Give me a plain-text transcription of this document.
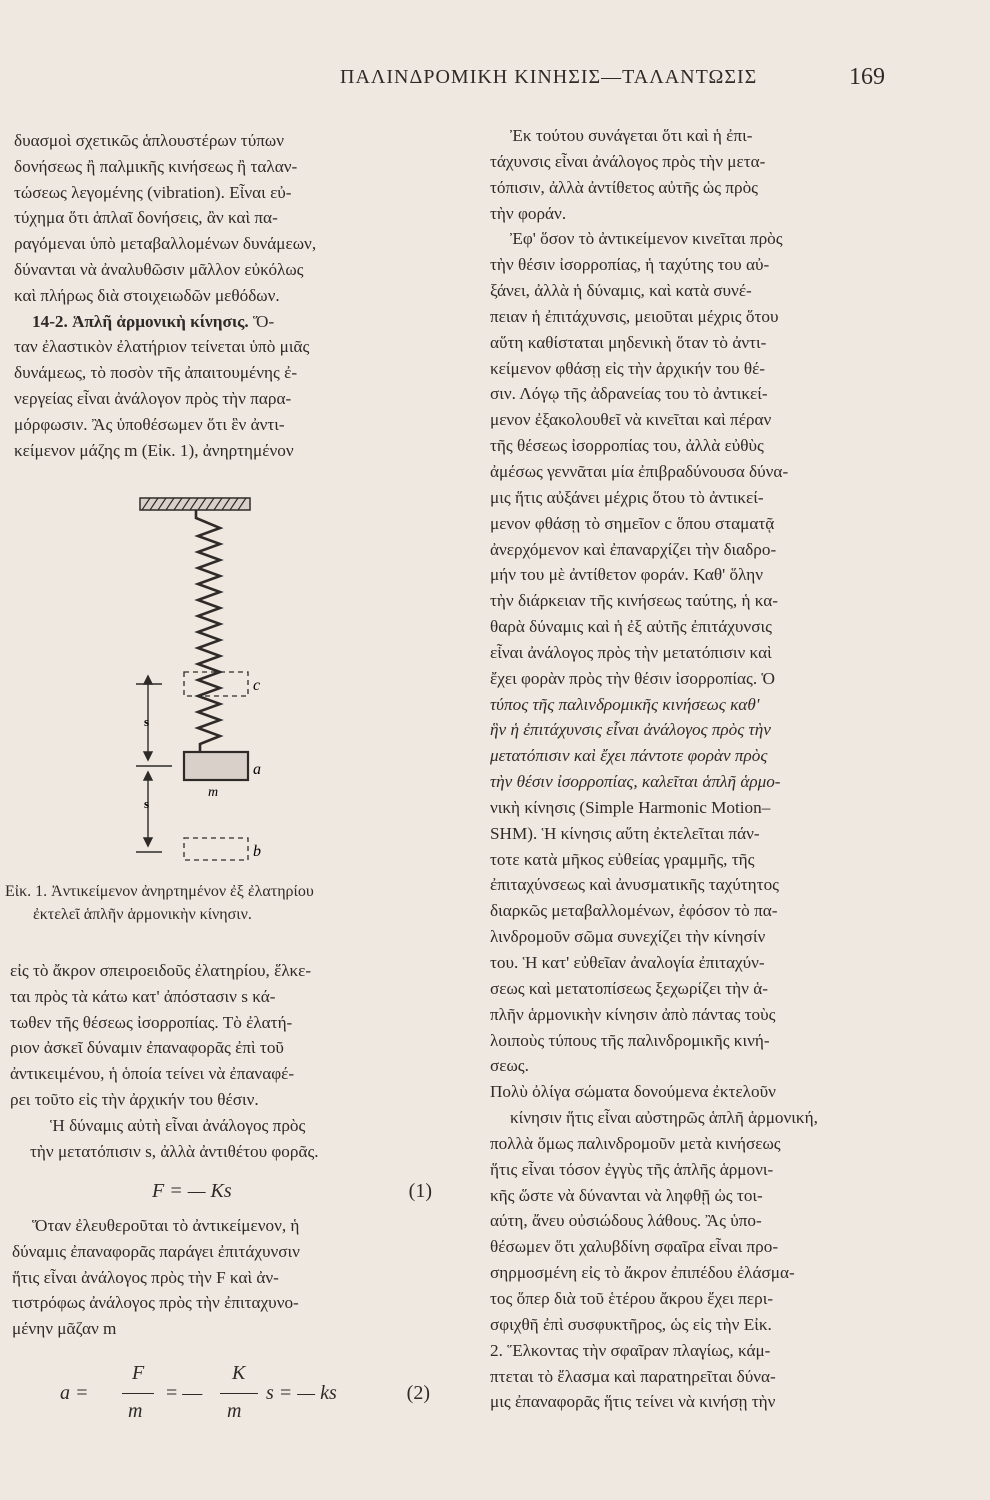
ΠΑΛΙΝΔΡΟΜΙΚΗ ΚΙΝΗΣΙΣ—ΤΑΛΑΝΤΩΣΙΣ	169
δυασμοὶ σχετικῶς ἁπλουστέρων τύπων
δονήσεως ἢ παλμικῆς κινήσεως ἢ ταλαν-
τώσεως λεγομένης (vibration). Εἶναι εὐ-
τύχημα ὅτι ἁπλαῖ δονήσεις, ἂν καὶ πα-
ραγόμεναι ὑπὸ μεταβαλλομένων δυνάμεων,
δύνανται νὰ ἀναλυθῶσιν μᾶλλον εὐκόλως
καὶ πλήρως διὰ στοιχειωδῶν μεθόδων.
14-2. Ἁπλῆ ἁρμονικὴ κίνησις. Ὅ-
ταν ἐλαστικὸν ἐλατήριον τείνεται ὑπὸ μιᾶς
δυνάμεως, τὸ ποσὸν τῆς ἀπαιτουμένης ἐ-
νεργείας εἶναι ἀνάλογον πρὸς τὴν παρα-
μόρφωσιν. Ἂς ὑποθέσωμεν ὅτι ἓν ἀντι-
κείμενον μάζης m (Εἰκ. 1), ἀνηρτημένον
c
a
m
b
s
s
Εἰκ. 1. Ἀντικείμενον ἀνηρτημένον ἐξ ἐλατηρίου
ἐκτελεῖ ἁπλῆν ἁρμονικὴν κίνησιν.
εἰς τὸ ἄκρον σπειροειδοῦς ἐλατηρίου, ἕλκε-
ται πρὸς τὰ κάτω κατ' ἀπόστασιν s κά-
τωθεν τῆς θέσεως ἰσορροπίας. Τὸ ἐλατή-
ριον ἀσκεῖ δύναμιν ἐπαναφορᾶς ἐπὶ τοῦ
ἀντικειμένου, ἡ ὁποία τείνει νὰ ἐπαναφέ-
ρει τοῦτο εἰς τὴν ἀρχικήν του θέσιν.
Ἡ δύναμις αὐτὴ εἶναι ἀνάλογος πρὸς
τὴν μετατόπισιν s, ἀλλὰ ἀντιθέτου φορᾶς.
F = — Ks	(1)
Ὅταν ἐλευθεροῦται τὸ ἀντικείμενον, ἡ
δύναμις ἐπαναφορᾶς παράγει ἐπιτάχυνσιν
ἥτις εἶναι ἀνάλογος πρὸς τὴν F καὶ ἀν-
τιστρόφως ἀνάλογος πρὸς τὴν ἐπιταχυνο-
μένην μᾶζαν m
a =
F
m
= —
K
m
s = — ks	(2)
Ἐκ τούτου συνάγεται ὅτι καὶ ἡ ἐπι-
τάχυνσις εἶναι ἀνάλογος πρὸς τὴν μετα-
τόπισιν, ἀλλὰ ἀντίθετος αὐτῆς ὡς πρὸς
τὴν φοράν.
Ἐφ' ὅσον τὸ ἀντικείμενον κινεῖται πρὸς
τὴν θέσιν ἰσορροπίας, ἡ ταχύτης του αὐ-
ξάνει, ἀλλὰ ἡ δύναμις, καὶ κατὰ συνέ-
πειαν ἡ ἐπιτάχυνσις, μειοῦται μέχρις ὅτου
αὕτη καθίσταται μηδενικὴ ὅταν τὸ ἀντι-
κείμενον φθάσῃ εἰς τὴν ἀρχικήν του θέ-
σιν. Λόγῳ τῆς ἀδρανείας του τὸ ἀντικεί-
μενον ἐξακολουθεῖ νὰ κινεῖται καὶ πέραν
τῆς θέσεως ἰσορροπίας του, ἀλλὰ εὐθὺς
ἀμέσως γεννᾶται μία ἐπιβραδύνουσα δύνα-
μις ἥτις αὐξάνει μέχρις ὅτου τὸ ἀντικεί-
μενον φθάσῃ τὸ σημεῖον c ὅπου σταματᾷ
ἀνερχόμενον καὶ ἐπαναρχίζει τὴν διαδρο-
μήν του μὲ ἀντίθετον φοράν. Καθ' ὅλην
τὴν διάρκειαν τῆς κινήσεως ταύτης, ἡ κα-
θαρὰ δύναμις καὶ ἡ ἐξ αὐτῆς ἐπιτάχυνσις
εἶναι ἀνάλογος πρὸς τὴν μετατόπισιν καὶ
ἔχει φορὰν πρὸς τὴν θέσιν ἰσορροπίας. Ὁ
τύπος τῆς παλινδρομικῆς κινήσεως καθ'
ἣν ἡ ἐπιτάχυνσις εἶναι ἀνάλογος πρὸς τὴν
μετατόπισιν καὶ ἔχει πάντοτε φορὰν πρὸς
τὴν θέσιν ἰσορροπίας, καλεῖται ἁπλῆ ἁρμο-
νικὴ κίνησις (Simple Harmonic Motion–
SHM). Ἡ κίνησις αὕτη ἐκτελεῖται πάν-
τοτε κατὰ μῆκος εὐθείας γραμμῆς, τῆς
ἐπιταχύνσεως καὶ ἀνυσματικῆς ταχύτητος
διαρκῶς μεταβαλλομένων, ἐφόσον τὸ πα-
λινδρομοῦν σῶμα συνεχίζει τὴν κίνησίν
του. Ἡ κατ' εὐθεῖαν ἀναλογία ἐπιταχύν-
σεως καὶ μετατοπίσεως ξεχωρίζει τὴν ἁ-
πλῆν ἁρμονικὴν κίνησιν ἀπὸ πάντας τοὺς
λοιποὺς τύπους τῆς παλινδρομικῆς κινή-
σεως.
Πολὺ ὀλίγα σώματα δονούμενα ἐκτελοῦν
κίνησιν ἥτις εἶναι αὐστηρῶς ἁπλῆ ἁρμονική,
πολλὰ ὅμως παλινδρομοῦν μετὰ κινήσεως
ἥτις εἶναι τόσον ἐγγὺς τῆς ἁπλῆς ἁρμονι-
κῆς ὥστε νὰ δύνανται νὰ ληφθῇ ὡς τοι-
αύτη, ἄνευ οὐσιώδους λάθους. Ἂς ὑπο-
θέσωμεν ὅτι χαλυβδίνη σφαῖρα εἶναι προ-
σηρμοσμένη εἰς τὸ ἄκρον ἐπιπέδου ἐλάσμα-
τος ὅπερ διὰ τοῦ ἑτέρου ἄκρου ἔχει περι-
σφιχθῆ ἐπὶ συσφυκτῆρος, ὡς εἰς τὴν Εἰκ.
2. Ἕλκοντας τὴν σφαῖραν πλαγίως, κάμ-
πτεται τὸ ἔλασμα καὶ παρατηρεῖται δύνα-
μις ἐπαναφορᾶς ἥτις τείνει νὰ κινήσῃ τὴν
